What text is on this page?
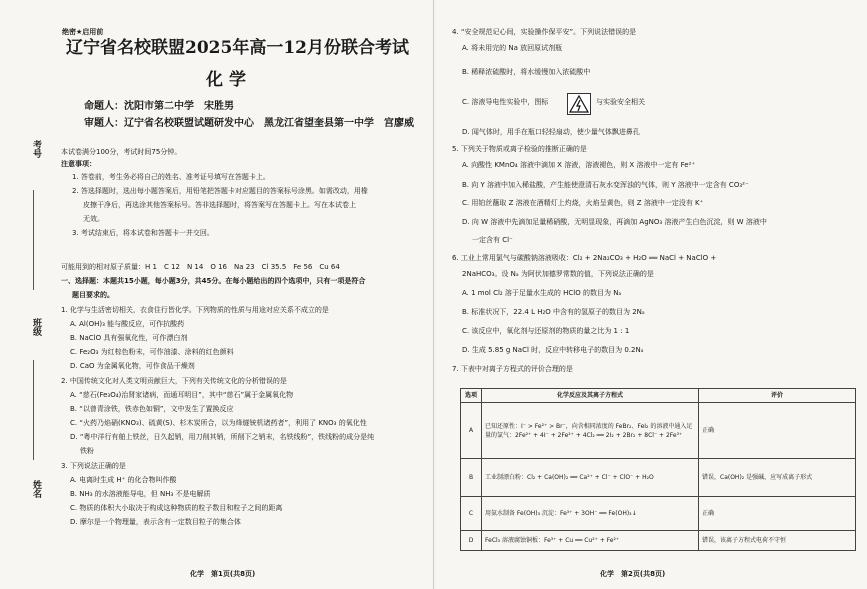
考号
班级
姓名
绝密★启用前
辽宁省名校联盟2025年高一12月份联合考试
化学
命题人：沈阳市第二中学　宋胜男
审题人：辽宁省名校联盟试题研发中心　黑龙江省望奎县第一中学　宫廖威
本试卷满分100分，考试时间75分钟。
注意事项：
1. 答卷前，考生务必将自己的姓名、准考证号填写在答题卡上。
2. 答选择题时，选出每小题答案后，用铅笔把答题卡对应题目的答案标号涂黑。如需改动，用橡
皮擦干净后，再选涂其他答案标号。答非选择题时，将答案写在答题卡上。写在本试卷上
无效。
3. 考试结束后，将本试卷和答题卡一并交回。
可能用到的相对原子质量：H 1　C 12　N 14　O 16　Na 23　Cl 35.5　Fe 56　Cu 64
一、选择题：本题共15小题，每小题3分，共45分。在每小题给出的四个选项中，只有一项是符合
题目要求的。
1. 化学与生活密切相关，衣食住行皆化学。下列物质的性质与用途对应关系不成立的是
A. Al(OH)₃ 能与酸反应，可作抗酸药
B. NaClO 具有强氧化性，可作漂白剂
C. Fe₂O₃ 为红棕色粉末，可作油漆、涂料的红色颜料
D. CaO 为金属氧化物，可作食品干燥剂
2. 中国传统文化对人类文明贡献巨大，下列有关传统文化的分析错误的是
A. “慈石(Fe₃O₄)治肾家诸病，而通耳明目”，其中“慈石”属于金属氧化物
B. “以曾青涂铁，铁赤色如铜”，文中发生了置换反应
C. “火药乃焰硝(KNO₃)、硫黄(S)、杉木炭所合，以为烽燧铳机诸药者”，利用了 KNO₃ 的氧化性
D. “粤中洋行有舶上铁丝，日久起销，用刀削其销，所削下之销末，名铁线粉”，铁线粉的成分是纯
铁粉
3. 下列说法正确的是
A. 电离时生成 H⁺ 的化合物叫作酸
B. NH₃ 的水溶液能导电，但 NH₃ 不是电解质
C. 物质的体积大小取决于构成这种物质的粒子数目和粒子之间的距离
D. 摩尔是一个物理量，表示含有一定数目粒子的集合体
化学　第1页(共8页)
4. “安全规范记心间，实验操作保平安”。下列说法错误的是
A. 将未用完的 Na 放回原试剂瓶
B. 稀释浓硫酸时，将水缓慢加入浓硫酸中
C. 溶液导电性实验中，图标	与实验安全相关
D. 闻气体时，用手在瓶口轻轻扇动，使少量气体飘进鼻孔
5. 下列关于物质或离子检验的推断正确的是
A. 向酸性 KMnO₄ 溶液中滴加 X 溶液，溶液褪色，则 X 溶液中一定有 Fe²⁺
B. 向 Y 溶液中加入稀盐酸，产生能使澄清石灰水变浑浊的气体，则 Y 溶液中一定含有 CO₃²⁻
C. 用铂丝蘸取 Z 溶液在酒精灯上灼烧，火焰呈黄色，则 Z 溶液中一定没有 K⁺
D. 向 W 溶液中先滴加足量稀硝酸，无明显现象，再滴加 AgNO₃ 溶液产生白色沉淀，则 W 溶液中
一定含有 Cl⁻
6. 工业上常用氯气与碳酸钠溶液吸收：Cl₂ + 2Na₂CO₃ + H₂O ══ NaCl + NaClO +
2NaHCO₃。设 Nₐ 为阿伏加德罗常数的值，下列说法正确的是
A. 1 mol Cl₂ 溶于足量水生成的 HClO 的数目为 Nₐ
B. 标准状况下，22.4 L H₂O 中含有的氢原子的数目为 2Nₐ
C. 该反应中，氧化剂与还原剂的物质的量之比为 1 : 1
D. 生成 5.85 g NaCl 时，反应中转移电子的数目为 0.2Nₐ
7. 下表中对离子方程式的评价合理的是
选项	化学反应及其离子方程式	评价
A	已知还原性：I⁻ > Fe²⁺ > Br⁻，向含相同浓度的 FeBr₂、FeI₂ 的溶液中通入足量的氯气：2Fe²⁺ + 4I⁻ + 2Fe²⁺ + 4Cl₂ ══ 2I₂ + 2Br₂ + 8Cl⁻ + 2Fe³⁺	正确
B	工业制漂白粉：Cl₂ + Ca(OH)₂ ══ Ca²⁺ + Cl⁻ + ClO⁻ + H₂O	错误，Ca(OH)₂ 是强碱，应写成离子形式
C	用氨水制备 Fe(OH)₃ 沉淀：Fe³⁺ + 3OH⁻ ══ Fe(OH)₃↓	正确
D	FeCl₃ 溶液腐蚀铜板：Fe³⁺ + Cu ══ Cu²⁺ + Fe²⁺	错误，该离子方程式电荷不守恒
化学　第2页(共8页)
